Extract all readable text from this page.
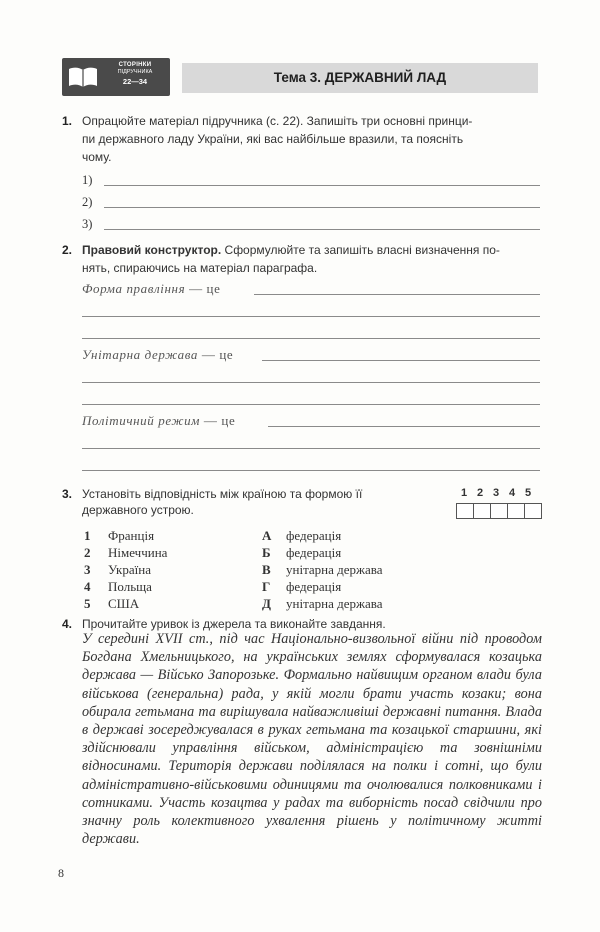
СТОРІНКИ
ПІДРУЧНИКА
22—34	Тема 3. ДЕРЖАВНИЙ ЛАД
1. Опрацюйте матеріал підручника (с. 22). Запишіть три основні принци-
пи державного ладу України, які вас найбільше вразили, та поясніть
чому.
1)
2)
3)
2. Правовий конструктор. Сформулюйте та запишіть власні визначення по-
нять, спираючись на матеріал параграфа.
Форма правління — це
Унітарна держава — це
Політичний режим — це
3. Установіть відповідність між країною та формою її
державного устрою.
1 2 3 4 5
1 Франція
2 Німеччина
3 Україна
4 Польща
5 США
А федерація
Б федерація
В унітарна держава
Г федерація
Д унітарна держава
4. Прочитайте уривок із джерела та виконайте завдання.
У середині XVII ст., під час Національно-визвольної війни під проводом Богдана Хмельницького, на українських землях сформувалася козацька держава — Військо Запорозьке. Формально найвищим органом влади була військова (генеральна) рада, у якій могли брати участь козаки; вона обирала гетьмана та вирішувала найважливіші державні питання. Влада в державі зосереджувалася в руках гетьмана та козацької старшини, які здійснювали управління військом, адміністрацією та зовнішніми відносинами. Територія держави поділялася на полки і сотні, що були адміністративно-військовими одиницями та очолювалися полковниками і сотниками. Участь козацтва у радах та виборність посад свідчили про значну роль колективного ухвалення рішень у політичному житті держави.
8
